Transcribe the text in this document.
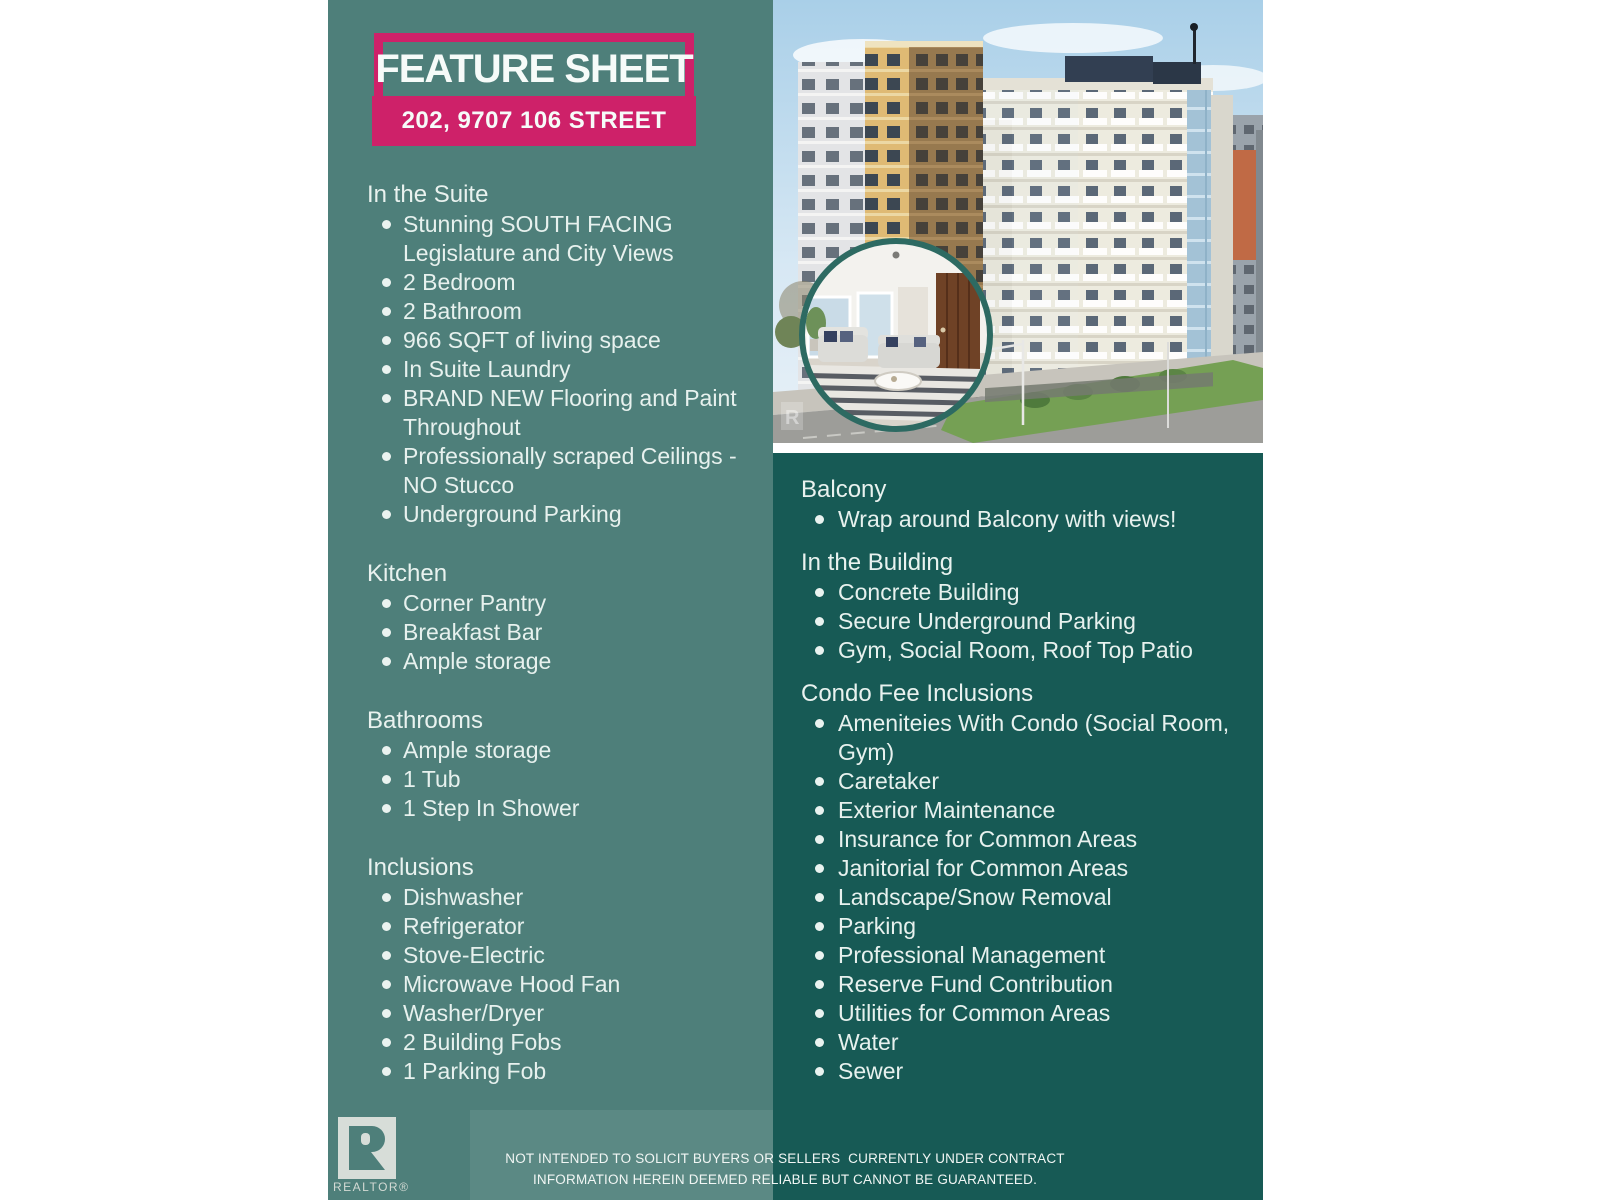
FEATURE SHEET
202, 9707 106 STREET
In the Suite
Stunning SOUTH FACING
Legislature and City Views
2 Bedroom
2 Bathroom
966 SQFT of living space
In Suite Laundry
BRAND NEW Flooring and Paint
Throughout
Professionally scraped Ceilings -
NO Stucco
Underground Parking
Kitchen
Corner Pantry
Breakfast Bar
Ample storage
Bathrooms
Ample storage
1 Tub
1 Step In Shower
Inclusions
Dishwasher
Refrigerator
Stove-Electric
Microwave Hood Fan
Washer/Dryer
2 Building Fobs
1 Parking Fob
R
Balcony
Wrap around Balcony with views!
In the Building
Concrete Building
Secure Underground Parking
Gym, Social Room, Roof Top Patio
Condo Fee Inclusions
Ameniteies With Condo (Social Room,
Gym)
Caretaker
Exterior Maintenance
Insurance for Common Areas
Janitorial for Common Areas
Landscape/Snow Removal
Parking
Professional Management
Reserve Fund Contribution
Utilities for Common Areas
Water
Sewer
REALTOR®
NOT INTENDED TO SOLICIT BUYERS OR SELLERS  CURRENTLY UNDER CONTRACT
INFORMATION HEREIN DEEMED RELIABLE BUT CANNOT BE GUARANTEED.
